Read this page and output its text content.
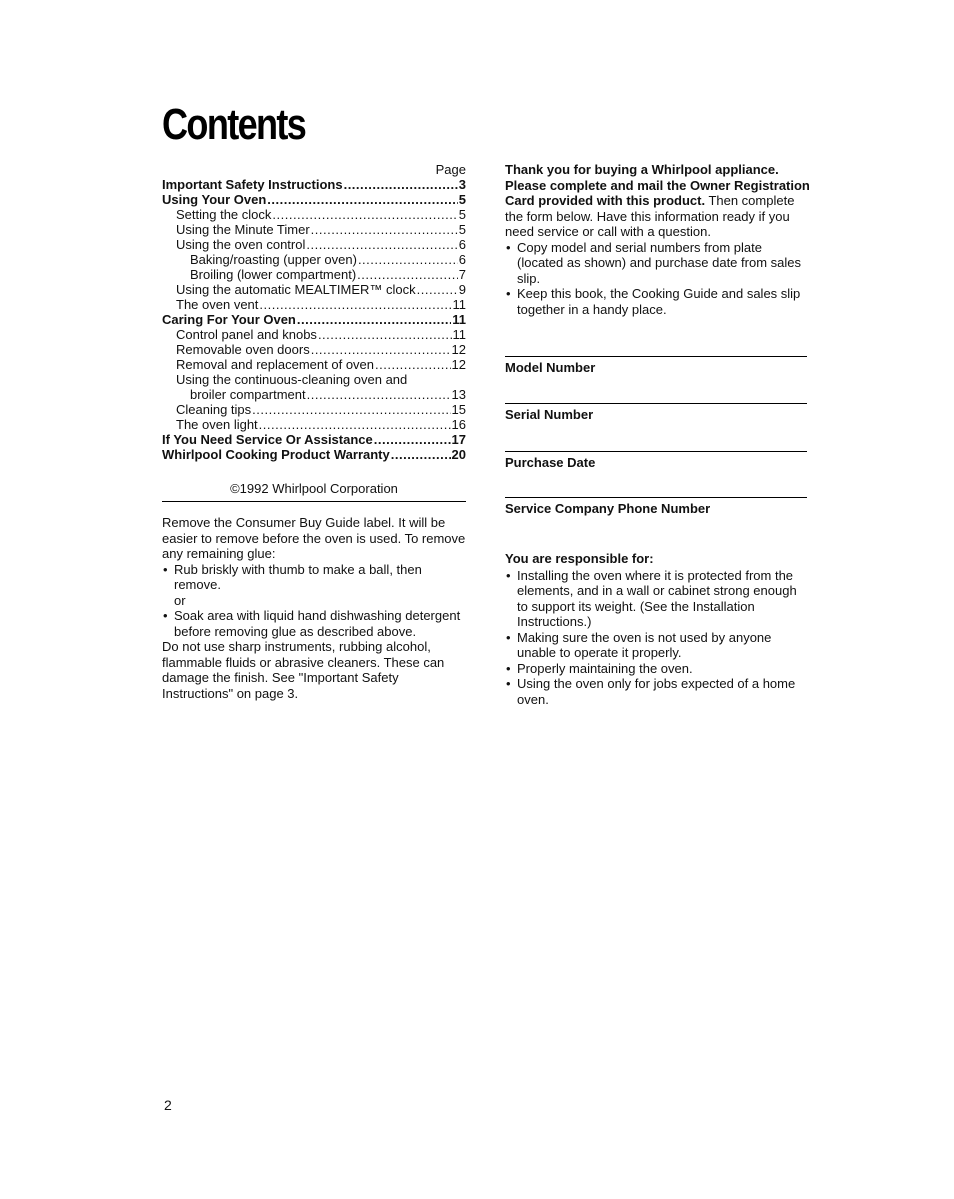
Contents
Page
Important Safety Instructions .....	3
Using Your Oven .....	5
Setting the clock .....	5
Using the Minute Timer .....	5
Using the oven control .....	6
Baking/roasting (upper oven) .....	6
Broiling (lower compartment) .....	7
Using the automatic MEALTIMER™ clock .....	9
The oven vent .....	11
Caring For Your Oven .....	11
Control panel and knobs .....	11
Removable oven doors .....	12
Removal and replacement of oven .....	12
Using the continuous-cleaning oven and
broiler compartment .....	13
Cleaning tips .....	15
The oven light .....	16
If You Need Service Or Assistance .....	17
Whirlpool Cooking Product Warranty .....	20
©1992 Whirlpool Corporation

Remove the Consumer Buy Guide label. It will be easier to remove before the oven is used. To remove any remaining glue:

• Rub briskly with thumb to make a ball, then remove.

or

• Soak area with liquid hand dishwashing detergent before removing glue as described above.

Do not use sharp instruments, rubbing alcohol, flammable fluids or abrasive cleaners. These can damage the finish. See "Important Safety Instructions" on page 3.

Thank you for buying a Whirlpool appliance. Please complete and mail the Owner Registration Card provided with this product. Then complete the form below. Have this information ready if you need service or call with a question.

• Copy model and serial numbers from plate (located as shown) and purchase date from sales slip.

• Keep this book, the Cooking Guide and sales slip together in a handy place.

Model Number
Serial Number
Purchase Date
Service Company Phone Number

You are responsible for:

• Installing the oven where it is protected from the elements, and in a wall or cabinet strong enough to support its weight. (See the Installation Instructions.)

• Making sure the oven is not used by anyone unable to operate it properly.

• Properly maintaining the oven.

• Using the oven only for jobs expected of a home oven.

2
